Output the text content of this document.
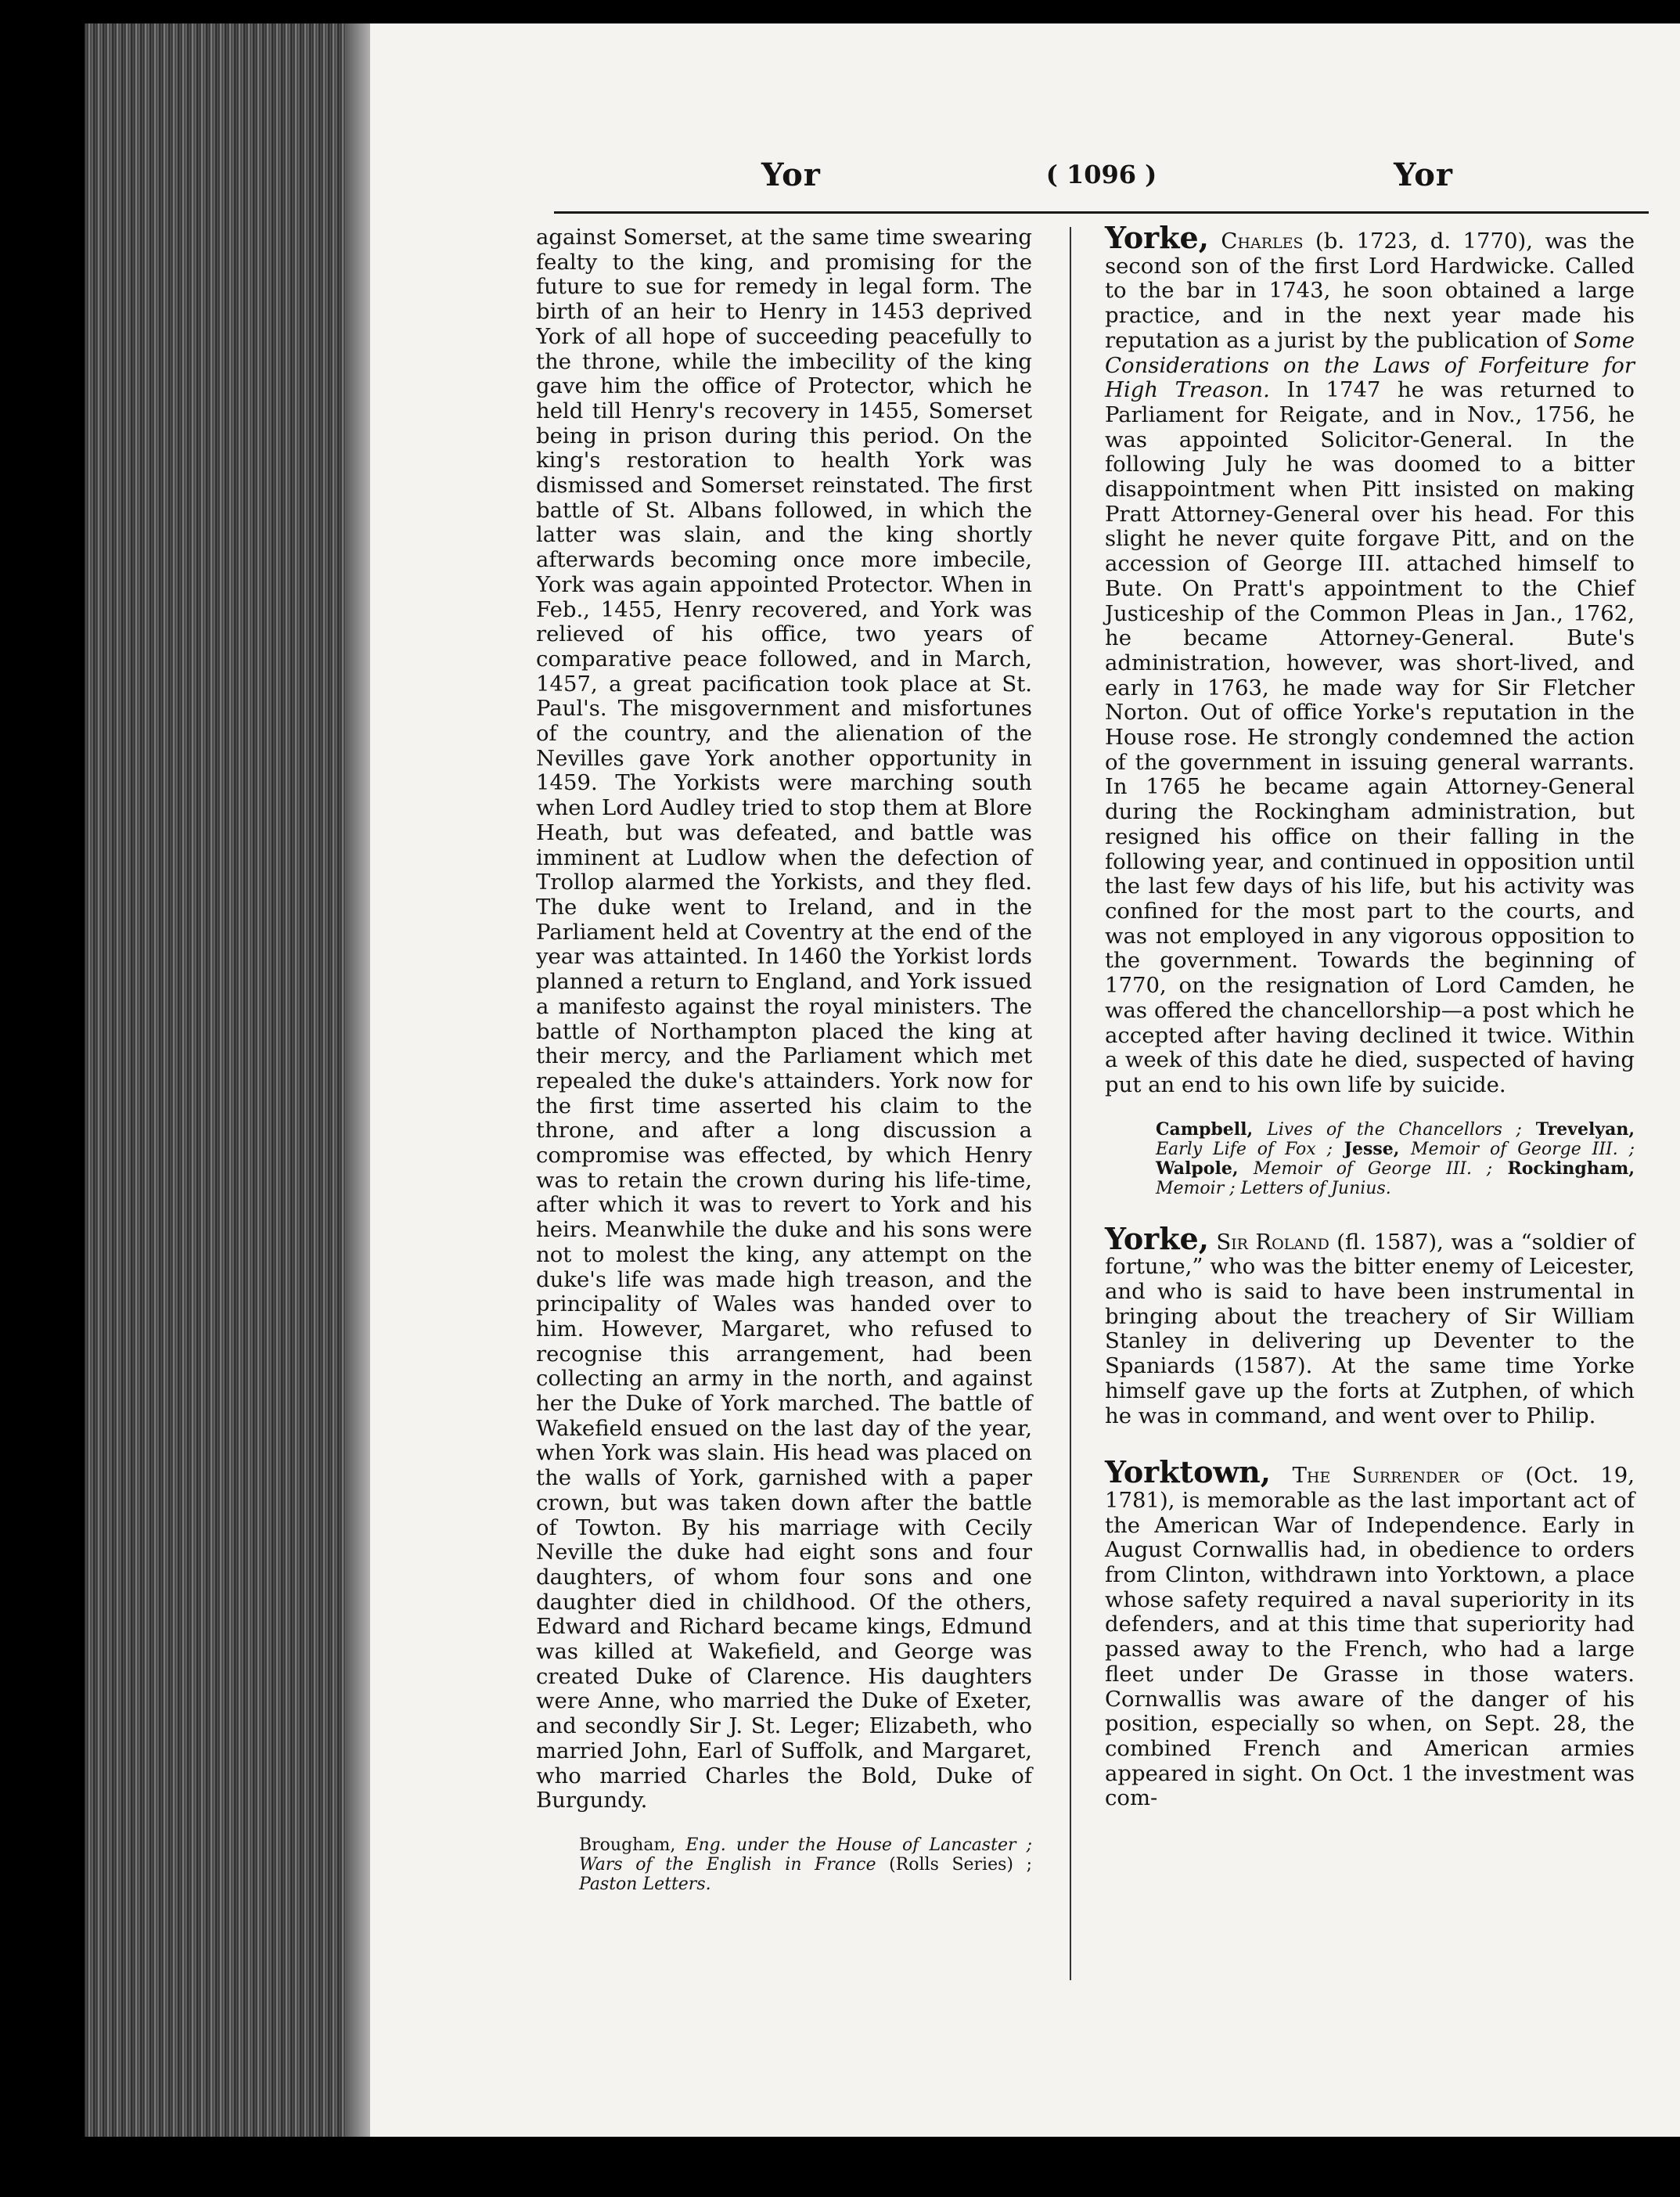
Yor	( 1096 )	Yor

against Somerset, at the same time swearing fealty to the king, and promising for the future to sue for remedy in legal form. The birth of an heir to Henry in 1453 deprived York of all hope of succeeding peacefully to the throne, while the imbecility of the king gave him the office of Protector, which he held till Henry's recovery in 1455, Somerset being in prison during this period. On the king's restoration to health York was dismissed and Somerset reinstated. The first battle of St. Albans followed, in which the latter was slain, and the king shortly afterwards becoming once more imbecile, York was again appointed Protector. When in Feb., 1455, Henry recovered, and York was relieved of his office, two years of comparative peace followed, and in March, 1457, a great pacification took place at St. Paul's. The misgovernment and misfortunes of the country, and the alienation of the Nevilles gave York another opportunity in 1459. The Yorkists were marching south when Lord Audley tried to stop them at Blore Heath, but was defeated, and battle was imminent at Ludlow when the defection of Trollop alarmed the Yorkists, and they fled. The duke went to Ireland, and in the Parliament held at Coventry at the end of the year was attainted. In 1460 the Yorkist lords planned a return to England, and York issued a manifesto against the royal ministers. The battle of Northampton placed the king at their mercy, and the Parliament which met repealed the duke's attainders. York now for the first time asserted his claim to the throne, and after a long discussion a compromise was effected, by which Henry was to retain the crown during his life-time, after which it was to revert to York and his heirs. Meanwhile the duke and his sons were not to molest the king, any attempt on the duke's life was made high treason, and the principality of Wales was handed over to him. However, Margaret, who refused to recognise this arrangement, had been collecting an army in the north, and against her the Duke of York marched. The battle of Wakefield ensued on the last day of the year, when York was slain. His head was placed on the walls of York, garnished with a paper crown, but was taken down after the battle of Towton. By his marriage with Cecily Neville the duke had eight sons and four daughters, of whom four sons and one daughter died in childhood. Of the others, Edward and Richard became kings, Edmund was killed at Wakefield, and George was created Duke of Clarence. His daughters were Anne, who married the Duke of Exeter, and secondly Sir J. St. Leger; Elizabeth, who married John, Earl of Suffolk, and Margaret, who married Charles the Bold, Duke of Burgundy.

Brougham, Eng. under the House of Lancaster ; Wars of the English in France (Rolls Series) ; Paston Letters.

Yorke, Charles (b. 1723, d. 1770), was the second son of the first Lord Hardwicke. Called to the bar in 1743, he soon obtained a large practice, and in the next year made his reputation as a jurist by the publication of Some Considerations on the Laws of Forfeiture for High Treason. In 1747 he was returned to Parliament for Reigate, and in Nov., 1756, he was appointed Solicitor-General. In the following July he was doomed to a bitter disappointment when Pitt insisted on making Pratt Attorney-General over his head. For this slight he never quite forgave Pitt, and on the accession of George III. attached himself to Bute. On Pratt's appointment to the Chief Justiceship of the Common Pleas in Jan., 1762, he became Attorney-General. Bute's administration, however, was short-lived, and early in 1763, he made way for Sir Fletcher Norton. Out of office Yorke's reputation in the House rose. He strongly condemned the action of the government in issuing general warrants. In 1765 he became again Attorney-General during the Rockingham administration, but resigned his office on their falling in the following year, and continued in opposition until the last few days of his life, but his activity was confined for the most part to the courts, and was not employed in any vigorous opposition to the government. Towards the beginning of 1770, on the resignation of Lord Camden, he was offered the chancellorship—a post which he accepted after having declined it twice. Within a week of this date he died, suspected of having put an end to his own life by suicide.

Campbell, Lives of the Chancellors ; Trevelyan, Early Life of Fox ; Jesse, Memoir of George III. ; Walpole, Memoir of George III. ; Rockingham, Memoir ; Letters of Junius.

Yorke, Sir Roland (fl. 1587), was a “soldier of fortune,” who was the bitter enemy of Leicester, and who is said to have been instrumental in bringing about the treachery of Sir William Stanley in delivering up Deventer to the Spaniards (1587). At the same time Yorke himself gave up the forts at Zutphen, of which he was in command, and went over to Philip.

Yorktown, The Surrender of (Oct. 19, 1781), is memorable as the last important act of the American War of Independence. Early in August Cornwallis had, in obedience to orders from Clinton, withdrawn into Yorktown, a place whose safety required a naval superiority in its defenders, and at this time that superiority had passed away to the French, who had a large fleet under De Grasse in those waters. Cornwallis was aware of the danger of his position, especially so when, on Sept. 28, the combined French and American armies appeared in sight. On Oct. 1 the investment was com-
